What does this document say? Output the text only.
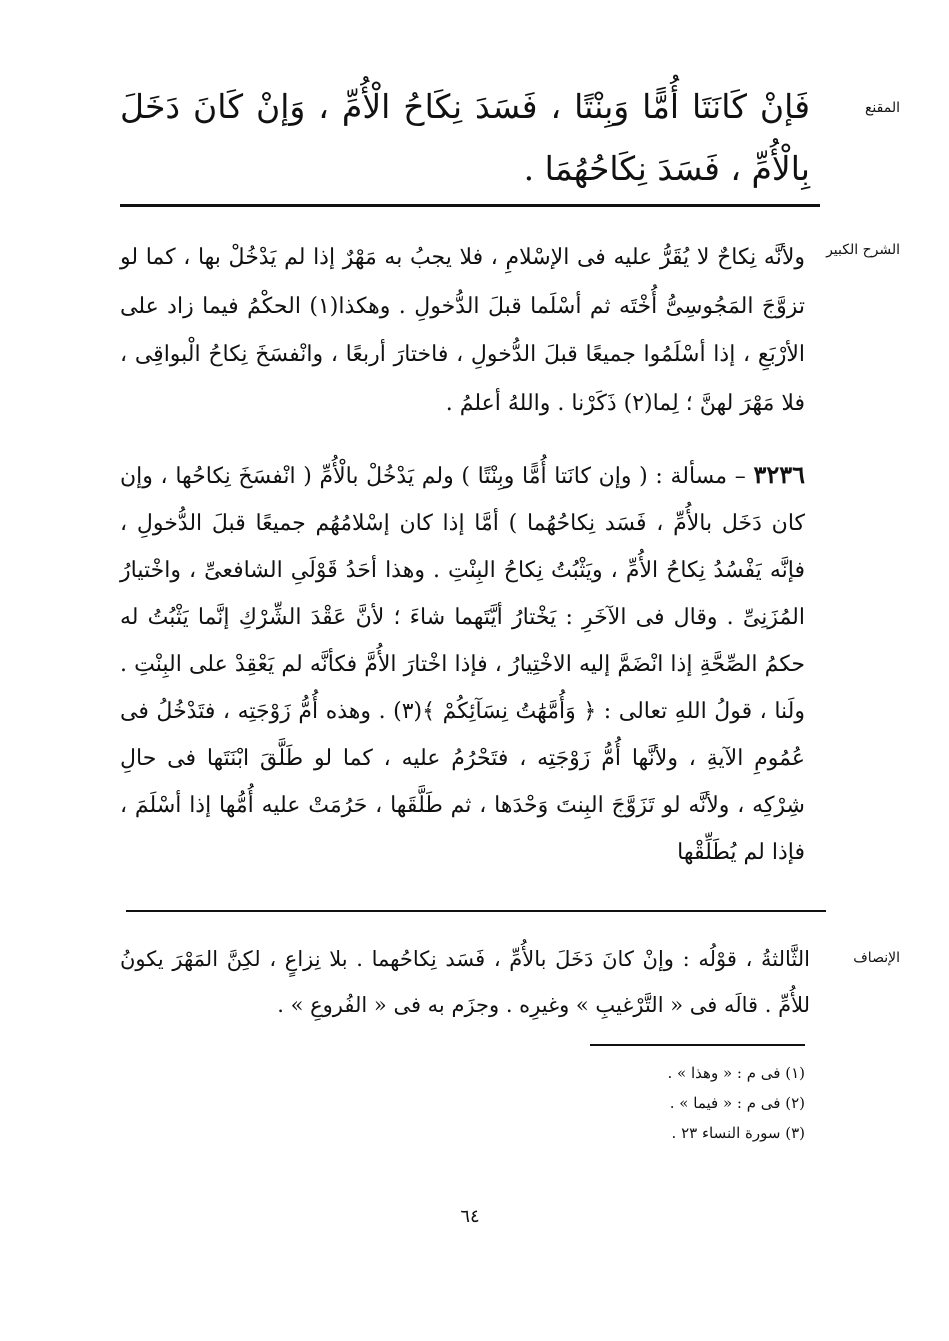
المقنع

فَإنْ كَانَتَا أُمًّا وَبِنْتًا ، فَسَدَ نِكَاحُ الْأُمِّ ، وَإنْ كَانَ دَخَلَ بِالْأُمِّ ، فَسَدَ نِكَاحُهُمَا .

الشرح الكبير

ولأنَّه نِكاحٌ لا يُقَرُّ عليه فى الإسْلامِ ، فلا يجبُ به مَهْرٌ إذا لم يَدْخُلْ بها ، كما لو تزوَّجَ المَجُوسِىُّ أُخْتَه ثم أسْلَما قبلَ الدُّخولِ . وهكذا(١) الحكْمُ فيما زاد على الأرْبَعِ ، إذا أسْلَمُوا جميعًا قبلَ الدُّخولِ ، فاختارَ أربعًا ، وانْفسَخَ نِكاحُ الْبواقِى ، فلا مَهْرَ لهنَّ ؛ لِما(٢) ذَكَرْنا . واللهُ أعلمُ .

٣٢٣٦ – مسألة : ( وإن كانَتا أُمًّا وبِنْتًا ) ولم يَدْخُلْ بالْأُمِّ ( انْفسَخَ نِكاحُها ، وإن كان دَخَل بالأُمِّ ، فَسَد نِكاحُهُما ) أمَّا إذا كان إسْلامُهُم جميعًا قبلَ الدُّخولِ ، فإنَّه يَفْسُدُ نِكاحُ الأُمِّ ، ويَثْبُتُ نِكاحُ البِنْتِ . وهذا أحَدُ قَوْلَىِ الشافعىِّ ، واخْتيارُ المُزَنِىِّ . وقال فى الآخَرِ : يَخْتارُ أيَّتَهما شاءَ ؛ لأنَّ عَقْدَ الشِّرْكِ إنَّما يَثْبُتُ له حكمُ الصِّحَّةِ إذا انْضَمَّ إليه الاخْتِيارُ ، فإذا اخْتارَ الأُمَّ فكأنَّه لم يَعْقِدْ على البِنْتِ . ولَنا ، قولُ اللهِ تعالى : ﴿ وَأُمَّهَٰتُ نِسَآئِكُمْ ﴾(٣) . وهذه أُمُّ زَوْجَتِه ، فتَدْخُلُ فى عُمُومِ الآيةِ ، ولأنَّها أُمُّ زَوْجَتِه ، فتَحْرُمُ عليه ، كما لو طَلَّقَ ابْنَتَها فى حالِ شِرْكِه ، ولأنَّه لو تَزَوَّجَ البِنتَ وَحْدَها ، ثم طَلَّقَها ، حَرُمَتْ عليه أُمُّها إذا أسْلَمَ ، فإذا لم يُطَلِّقْها

الإنصاف

الثَّالثةُ ، قوْلُه : وإنْ كانَ دَخَلَ بالأُمِّ ، فَسَد نِكاحُهما . بلا نِزاعٍ ، لكِنَّ المَهْرَ يكونُ للأُمِّ . قالَه فى « التَّرْغيبِ » وغيرِه . وجزَم به فى « الفُروعِ » .

(١) فى م : « وهذا » .

(٢) فى م : « فيما » .

(٣) سورة النساء ٢٣ .

٦٤
